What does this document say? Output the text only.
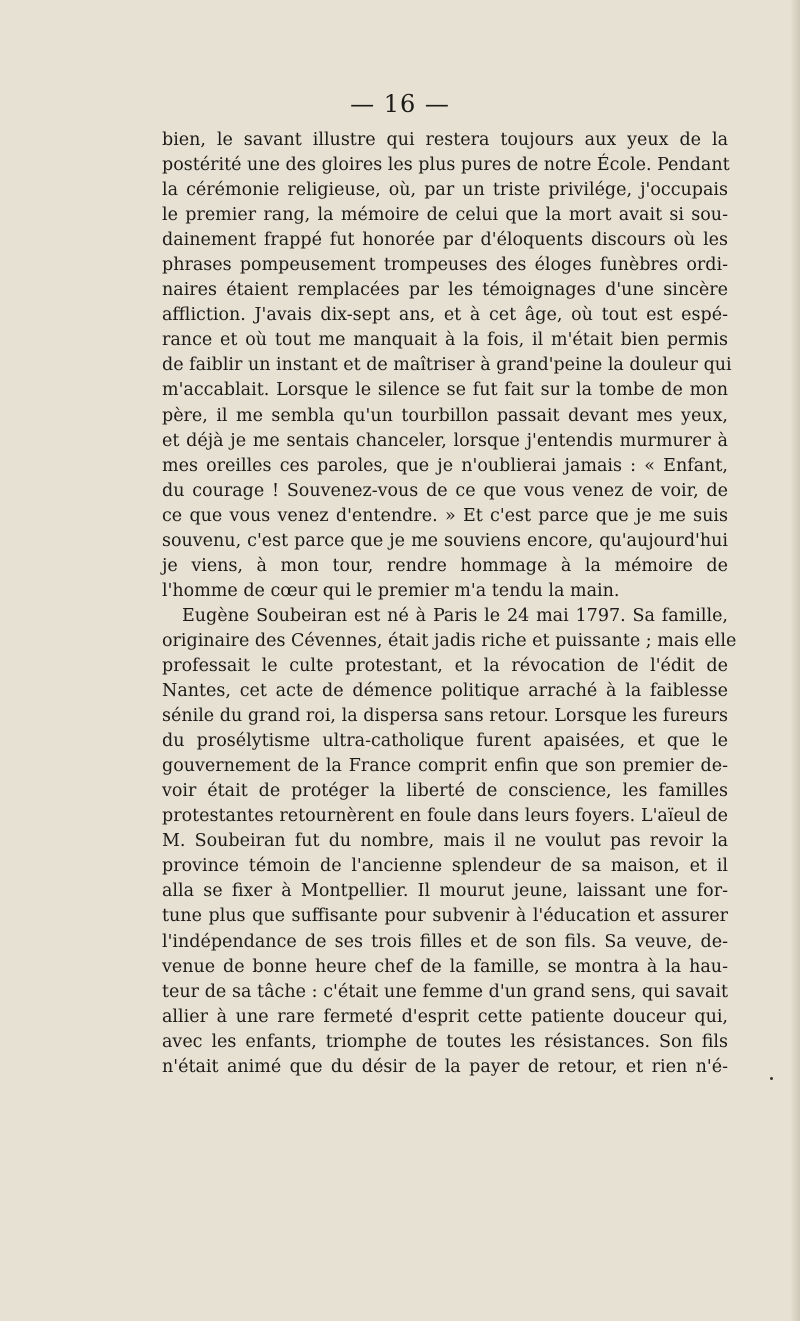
— 16 —
bien, le savant illustre qui restera toujours aux yeux de la
postérité une des gloires les plus pures de notre École. Pendant
la cérémonie religieuse, où, par un triste privilége, j'occupais
le premier rang, la mémoire de celui que la mort avait si sou-
dainement frappé fut honorée par d'éloquents discours où les
phrases pompeusement trompeuses des éloges funèbres ordi-
naires étaient remplacées par les témoignages d'une sincère
affliction. J'avais dix-sept ans, et à cet âge, où tout est espé-
rance et où tout me manquait à la fois, il m'était bien permis
de faiblir un instant et de maîtriser à grand'peine la douleur qui
m'accablait. Lorsque le silence se fut fait sur la tombe de mon
père, il me sembla qu'un tourbillon passait devant mes yeux,
et déjà je me sentais chanceler, lorsque j'entendis murmurer à
mes oreilles ces paroles, que je n'oublierai jamais : « Enfant,
du courage ! Souvenez-vous de ce que vous venez de voir, de
ce que vous venez d'entendre. » Et c'est parce que je me suis
souvenu, c'est parce que je me souviens encore, qu'aujourd'hui
je viens, à mon tour, rendre hommage à la mémoire de
l'homme de cœur qui le premier m'a tendu la main.
Eugène Soubeiran est né à Paris le 24 mai 1797. Sa famille,
originaire des Cévennes, était jadis riche et puissante ; mais elle
professait le culte protestant, et la révocation de l'édit de
Nantes, cet acte de démence politique arraché à la faiblesse
sénile du grand roi, la dispersa sans retour. Lorsque les fureurs
du prosélytisme ultra-catholique furent apaisées, et que le
gouvernement de la France comprit enfin que son premier de-
voir était de protéger la liberté de conscience, les familles
protestantes retournèrent en foule dans leurs foyers. L'aïeul de
M. Soubeiran fut du nombre, mais il ne voulut pas revoir la
province témoin de l'ancienne splendeur de sa maison, et il
alla se fixer à Montpellier. Il mourut jeune, laissant une for-
tune plus que suffisante pour subvenir à l'éducation et assurer
l'indépendance de ses trois filles et de son fils. Sa veuve, de-
venue de bonne heure chef de la famille, se montra à la hau-
teur de sa tâche : c'était une femme d'un grand sens, qui savait
allier à une rare fermeté d'esprit cette patiente douceur qui,
avec les enfants, triomphe de toutes les résistances. Son fils
n'était animé que du désir de la payer de retour, et rien n'é-
